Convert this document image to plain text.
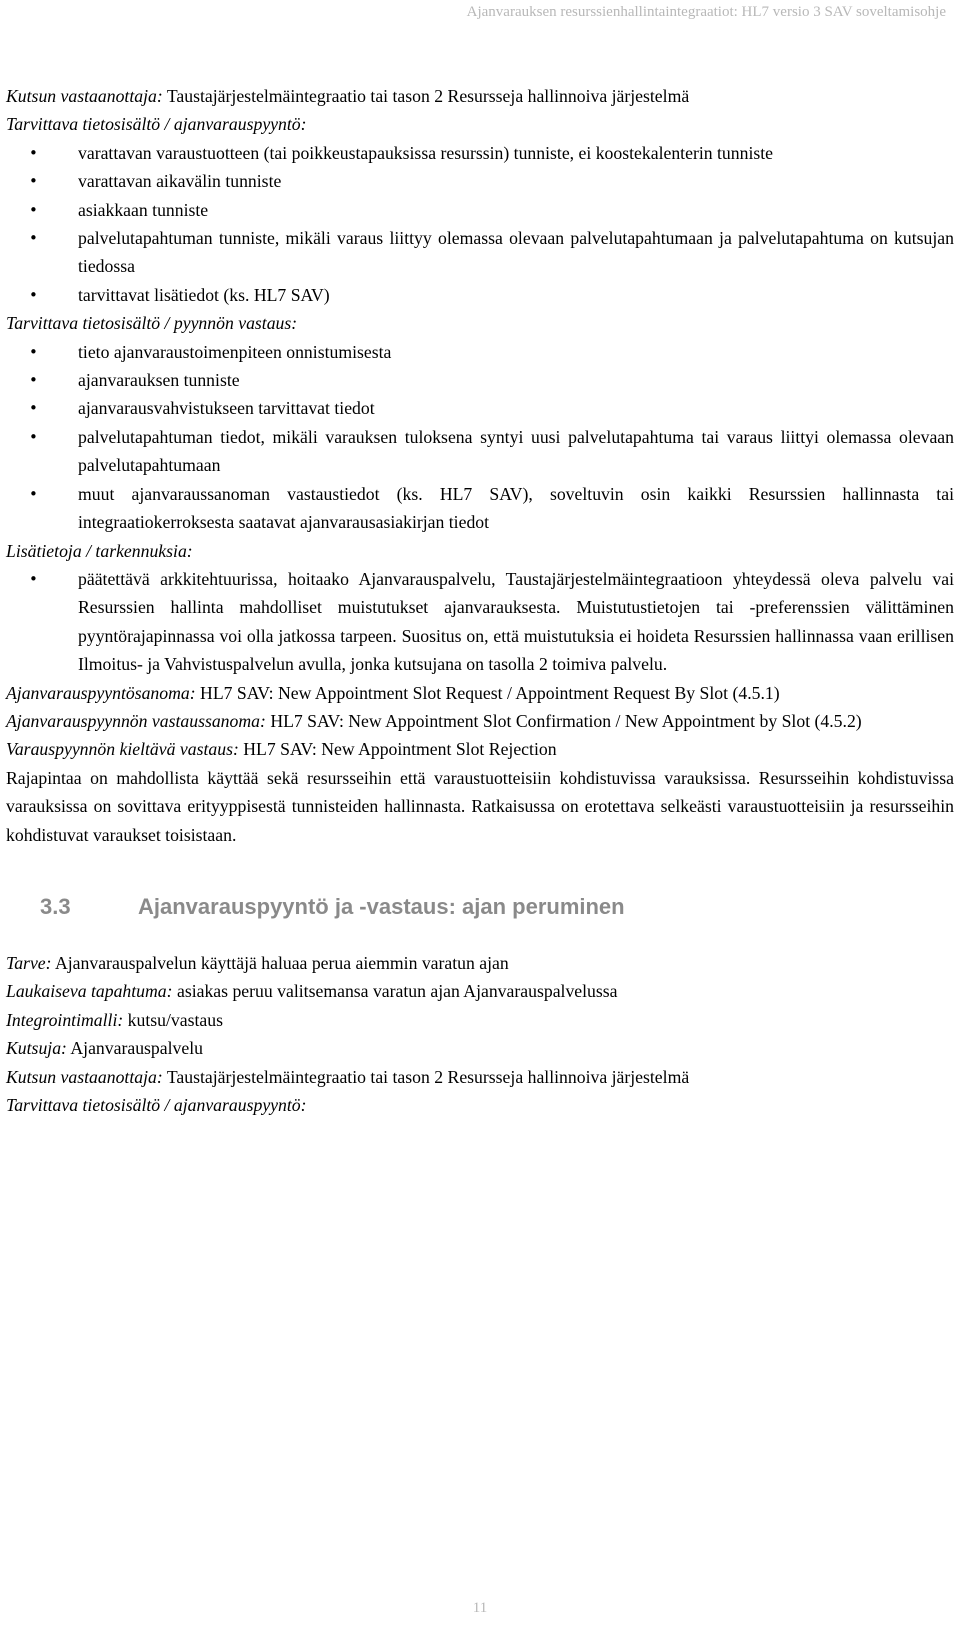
Ajanvarauksen resurssienhallintaintegraatiot: HL7 versio 3 SAV soveltamisohje

Kutsun vastaanottaja: Taustajärjestelmäintegraatio tai tason 2 Resursseja hallinnoiva järjestelmä

Tarvittava tietosisältö / ajanvarauspyyntö:

• varattavan varaustuotteen (tai poikkeustapauksissa resurssin) tunniste, ei koostekalenterin tunniste
• varattavan aikavälin tunniste
• asiakkaan tunniste
• palvelutapahtuman tunniste, mikäli varaus liittyy olemassa olevaan palvelutapahtumaan ja palvelutapahtuma on kutsujan tiedossa
• tarvittavat lisätiedot (ks. HL7 SAV)

Tarvittava tietosisältö / pyynnön vastaus:

• tieto ajanvaraustoimenpiteen onnistumisesta
• ajanvarauksen tunniste
• ajanvarausvahvistukseen tarvittavat tiedot
• palvelutapahtuman tiedot, mikäli varauksen tuloksena syntyi uusi palvelutapahtuma tai varaus liittyi olemassa olevaan palvelutapahtumaan
• muut ajanvaraussanoman vastaustiedot (ks. HL7 SAV), soveltuvin osin kaikki Resurssien hallinnasta tai integraatiokerroksesta saatavat ajanvarausasiakirjan tiedot

Lisätietoja / tarkennuksia:

• päätettävä arkkitehtuurissa, hoitaako Ajanvarauspalvelu, Taustajärjestelmäintegraatioon yhteydessä oleva palvelu vai Resurssien hallinta mahdolliset muistutukset ajanvarauksesta. Muistutustietojen tai -preferenssien välittäminen pyyntörajapinnassa voi olla jatkossa tarpeen. Suositus on, että muistutuksia ei hoideta Resurssien hallinnassa vaan erillisen Ilmoitus- ja Vahvistuspalvelun avulla, jonka kutsujana on tasolla 2 toimiva palvelu.

Ajanvarauspyyntösanoma: HL7 SAV: New Appointment Slot Request / Appointment Request By Slot (4.5.1)

Ajanvarauspyynnön vastaussanoma: HL7 SAV: New Appointment Slot Confirmation / New Appointment by Slot (4.5.2)

Varauspyynnön kieltävä vastaus: HL7 SAV: New Appointment Slot Rejection

Rajapintaa on mahdollista käyttää sekä resursseihin että varaustuotteisiin kohdistuvissa varauksissa. Resursseihin kohdistuvissa varauksissa on sovittava erityyppisestä tunnisteiden hallinnasta. Ratkaisussa on erotettava selkeästi varaustuotteisiin ja resursseihin kohdistuvat varaukset toisistaan.

3.3	Ajanvarauspyyntö ja -vastaus: ajan peruminen

Tarve: Ajanvarauspalvelun käyttäjä haluaa perua aiemmin varatun ajan

Laukaiseva tapahtuma: asiakas peruu valitsemansa varatun ajan Ajanvarauspalvelussa

Integrointimalli: kutsu/vastaus

Kutsuja: Ajanvarauspalvelu

Kutsun vastaanottaja: Taustajärjestelmäintegraatio tai tason 2 Resursseja hallinnoiva järjestelmä

Tarvittava tietosisältö / ajanvarauspyyntö:

11
